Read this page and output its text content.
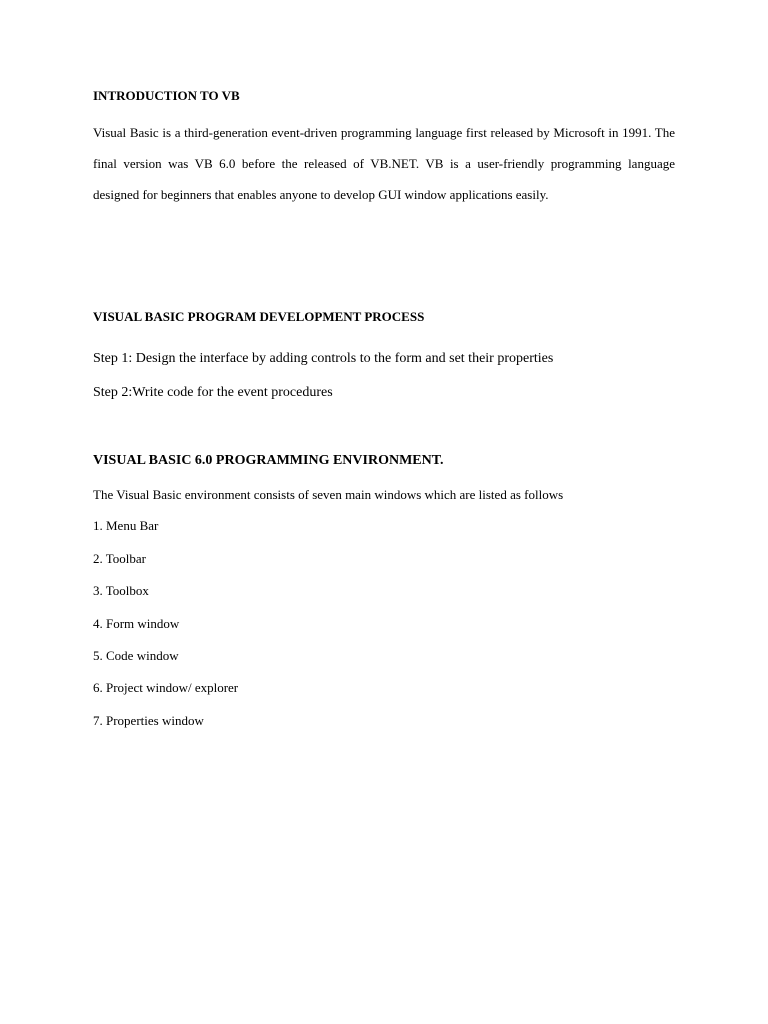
INTRODUCTION TO VB

Visual Basic is a third-generation event-driven programming language first released by Microsoft in 1991. The final version was VB 6.0 before the released of VB.NET. VB is a user-friendly programming language designed for beginners that enables anyone to develop GUI window applications easily.

VISUAL BASIC PROGRAM DEVELOPMENT PROCESS
Step 1: Design the interface by adding controls to the form and set their properties
Step 2:Write code for the event procedures
VISUAL BASIC 6.0 PROGRAMMING ENVIRONMENT.
The Visual Basic environment consists of seven main windows which are listed as follows
1. Menu Bar
2. Toolbar
3. Toolbox
4. Form window
5. Code window
6. Project window/ explorer
7. Properties window
